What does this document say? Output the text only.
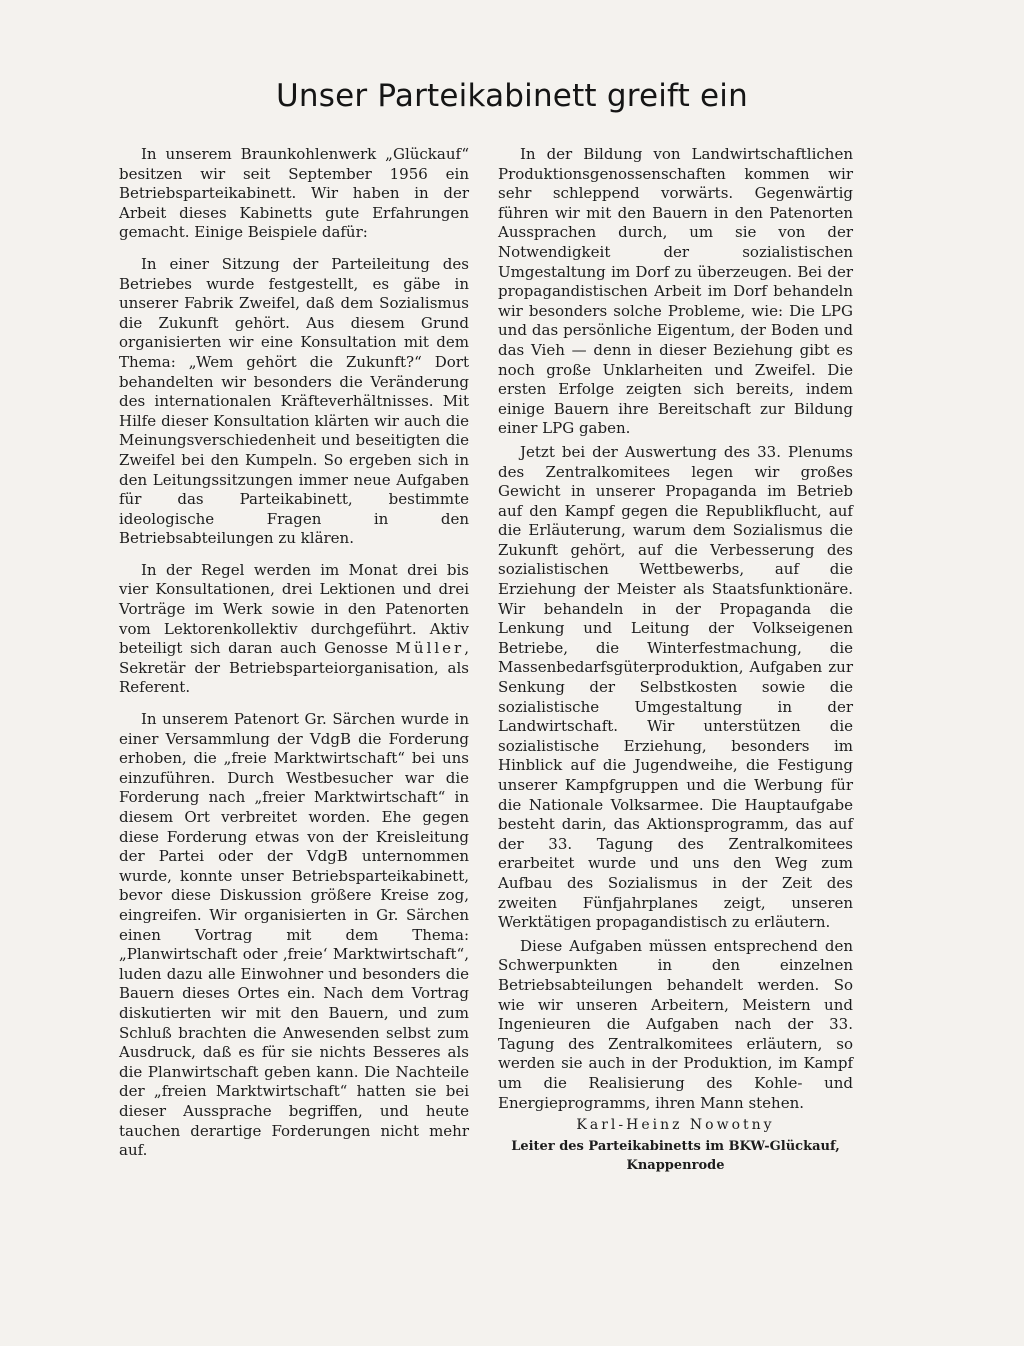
Unser Parteikabinett greift ein

In unserem Braunkohlenwerk „Glückauf“ besitzen wir seit September 1956 ein Betriebsparteikabinett. Wir haben in der Arbeit dieses Kabinetts gute Erfahrungen gemacht. Einige Beispiele dafür:

In einer Sitzung der Parteileitung des Betriebes wurde festgestellt, es gäbe in unserer Fabrik Zweifel, daß dem Sozialismus die Zukunft gehört. Aus diesem Grund organisierten wir eine Konsultation mit dem Thema: „Wem gehört die Zukunft?“ Dort behandelten wir besonders die Veränderung des internationalen Kräfteverhältnisses. Mit Hilfe dieser Konsultation klärten wir auch die Meinungsverschiedenheit und beseitigten die Zweifel bei den Kumpeln. So ergeben sich in den Leitungssitzungen immer neue Aufgaben für das Parteikabinett, bestimmte ideologische Fragen in den Betriebsabteilungen zu klären.

In der Regel werden im Monat drei bis vier Konsultationen, drei Lektionen und drei Vorträge im Werk sowie in den Patenorten vom Lektorenkollektiv durchgeführt. Aktiv beteiligt sich daran auch Genosse Müller, Sekretär der Betriebsparteiorganisation, als Referent.

In unserem Patenort Gr. Särchen wurde in einer Versammlung der VdgB die Forderung erhoben, die „freie Marktwirtschaft“ bei uns einzuführen. Durch Westbesucher war die Forderung nach „freier Marktwirtschaft“ in diesem Ort verbreitet worden. Ehe gegen diese Forderung etwas von der Kreisleitung der Partei oder der VdgB unternommen wurde, konnte unser Betriebsparteikabinett, bevor diese Diskussion größere Kreise zog, eingreifen. Wir organisierten in Gr. Särchen einen Vortrag mit dem Thema: „Planwirtschaft oder ‚freie‘ Marktwirtschaft“, luden dazu alle Einwohner und besonders die Bauern dieses Ortes ein. Nach dem Vortrag diskutierten wir mit den Bauern, und zum Schluß brachten die Anwesenden selbst zum Ausdruck, daß es für sie nichts Besseres als die Planwirtschaft geben kann. Die Nachteile der „freien Marktwirtschaft“ hatten sie bei dieser Aussprache begriffen, und heute tauchen derartige Forderungen nicht mehr auf.

In der Bildung von Landwirtschaftlichen Produktionsgenossenschaften kommen wir sehr schleppend vorwärts. Gegenwärtig führen wir mit den Bauern in den Patenorten Aussprachen durch, um sie von der Notwendigkeit der sozialistischen Umgestaltung im Dorf zu überzeugen. Bei der propagandistischen Arbeit im Dorf behandeln wir besonders solche Probleme, wie: Die LPG und das persönliche Eigentum, der Boden und das Vieh — denn in dieser Beziehung gibt es noch große Unklarheiten und Zweifel. Die ersten Erfolge zeigten sich bereits, indem einige Bauern ihre Bereitschaft zur Bildung einer LPG gaben.

Jetzt bei der Auswertung des 33. Plenums des Zentralkomitees legen wir großes Gewicht in unserer Propaganda im Betrieb auf den Kampf gegen die Republikflucht, auf die Erläuterung, warum dem Sozialismus die Zukunft gehört, auf die Verbesserung des sozialistischen Wettbewerbs, auf die Erziehung der Meister als Staatsfunktionäre. Wir behandeln in der Propaganda die Lenkung und Leitung der Volkseigenen Betriebe, die Winterfestmachung, die Massenbedarfsgüterproduktion, Aufgaben zur Senkung der Selbstkosten sowie die sozialistische Umgestaltung in der Landwirtschaft. Wir unterstützen die sozialistische Erziehung, besonders im Hinblick auf die Jugendweihe, die Festigung unserer Kampfgruppen und die Werbung für die Nationale Volksarmee. Die Hauptaufgabe besteht darin, das Aktionsprogramm, das auf der 33. Tagung des Zentralkomitees erarbeitet wurde und uns den Weg zum Aufbau des Sozialismus in der Zeit des zweiten Fünfjahrplanes zeigt, unseren Werktätigen propagandistisch zu erläutern.

Diese Aufgaben müssen entsprechend den Schwerpunkten in den einzelnen Betriebsabteilungen behandelt werden. So wie wir unseren Arbeitern, Meistern und Ingenieuren die Aufgaben nach der 33. Tagung des Zentralkomitees erläutern, so werden sie auch in der Produktion, im Kampf um die Realisierung des Kohle- und Energieprogramms, ihren Mann stehen.

Karl-Heinz Nowotny
Leiter des Parteikabinetts im BKW-Glückauf,
Knappenrode
